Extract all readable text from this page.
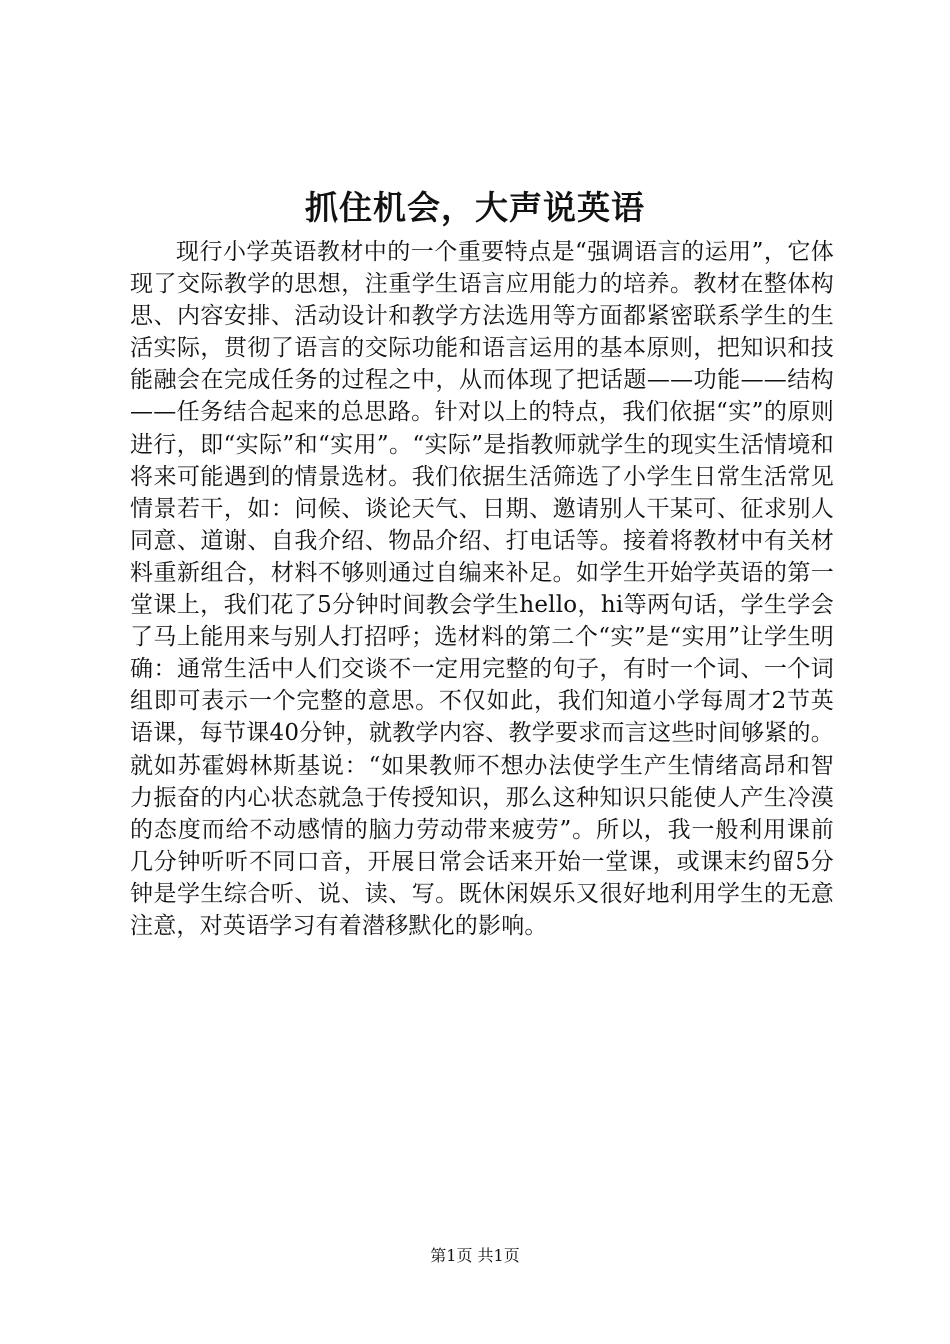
抓住机会，大声说英语

现行小学英语教材中的一个重要特点是“强调语言的运用”，它体现了交际教学的思想，注重学生语言应用能力的培养。教材在整体构思、内容安排、活动设计和教学方法选用等方面都紧密联系学生的生活实际，贯彻了语言的交际功能和语言运用的基本原则，把知识和技能融会在完成任务的过程之中，从而体现了把话题——功能——结构——任务结合起来的总思路。针对以上的特点，我们依据“实”的原则进行，即“实际”和“实用”。“实际”是指教师就学生的现实生活情境和将来可能遇到的情景选材。我们依据生活筛选了小学生日常生活常见情景若干，如：问候、谈论天气、日期、邀请别人干某可、征求别人同意、道谢、自我介绍、物品介绍、打电话等。接着将教材中有关材料重新组合，材料不够则通过自编来补足。如学生开始学英语的第一堂课上，我们花了5分钟时间教会学生hello，hi等两句话，学生学会了马上能用来与别人打招呼；选材料的第二个“实”是“实用”让学生明确：通常生活中人们交谈不一定用完整的句子，有时一个词、一个词组即可表示一个完整的意思。不仅如此，我们知道小学每周才2节英语课，每节课40分钟，就教学内容、教学要求而言这些时间够紧的。就如苏霍姆林斯基说：“如果教师不想办法使学生产生情绪高昂和智力振奋的内心状态就急于传授知识，那么这种知识只能使人产生冷漠的态度而给不动感情的脑力劳动带来疲劳”。所以，我一般利用课前几分钟听听不同口音，开展日常会话来开始一堂课，或课末约留5分钟是学生综合听、说、读、写。既休闲娱乐又很好地利用学生的无意注意，对英语学习有着潜移默化的影响。

第1页 共1页
